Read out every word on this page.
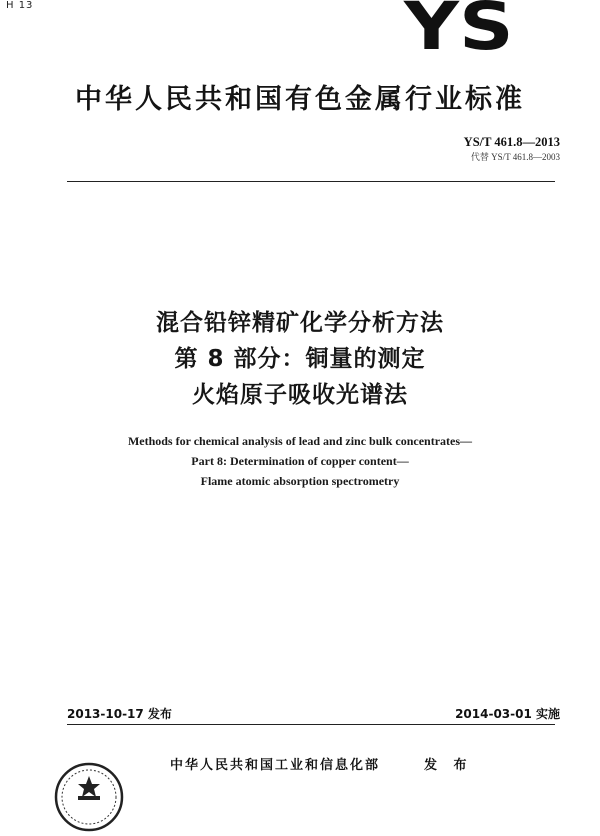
H 13	YS
中华人民共和国有色金属行业标准
YS/T 461.8—2013
代替 YS/T 461.8—2003
混合铅锌精矿化学分析方法
第 8 部分：铜量的测定
火焰原子吸收光谱法
Methods for chemical analysis of lead and zinc bulk concentrates—
Part 8: Determination of copper content—
Flame atomic absorption spectrometry
2013-10-17 发布	2014-03-01 实施
中华人民共和国工业和信息化部	发 布
